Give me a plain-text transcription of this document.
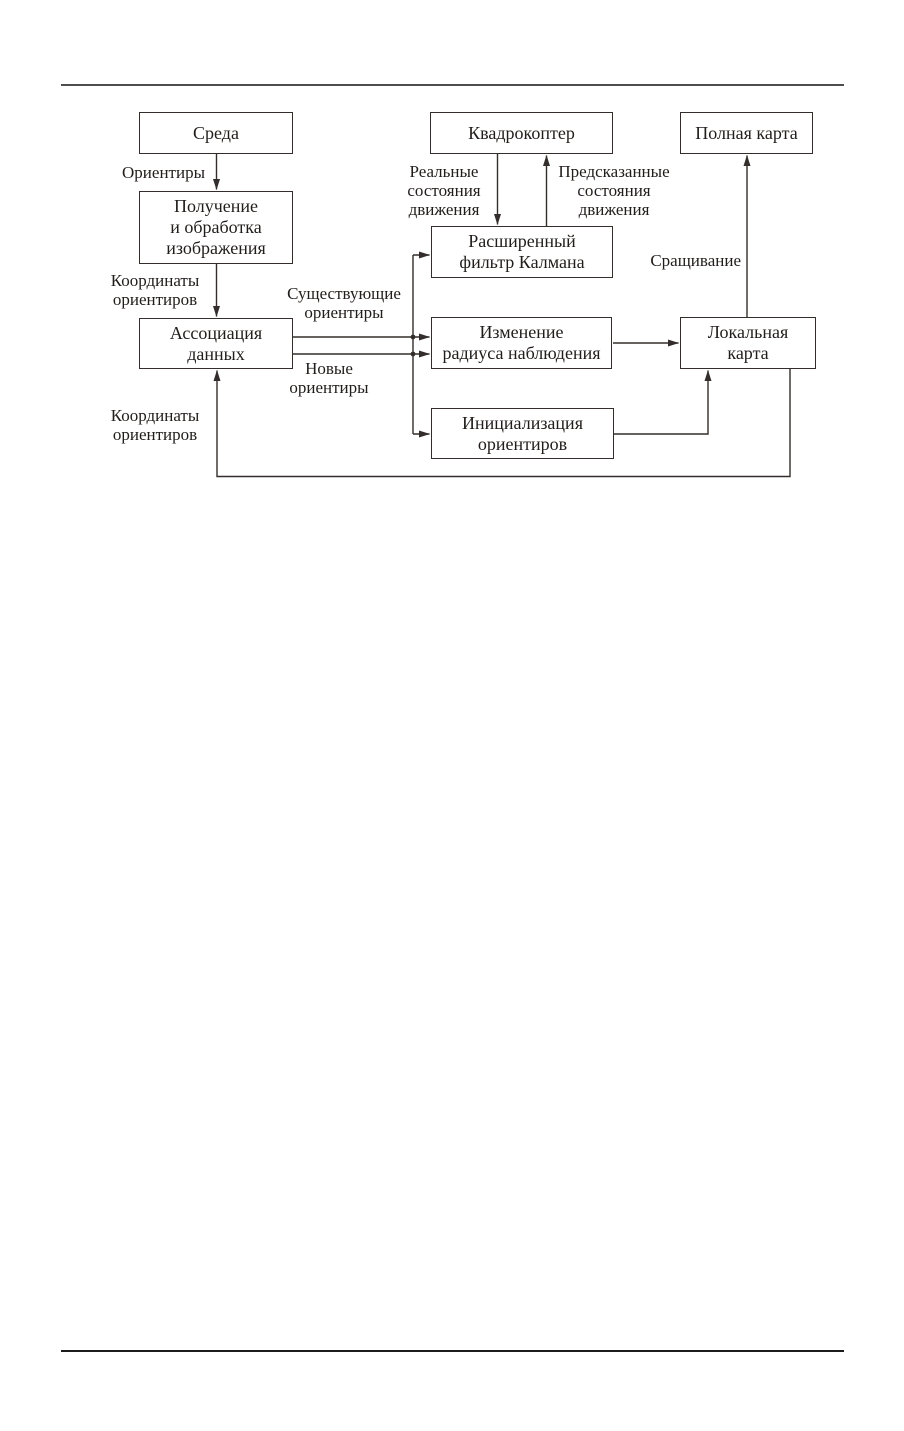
Среда	Квадрокоптер	Полная карта
Получение
и обработка
изображения	Расширенный
фильтр Калмана
Ассоциация
данных
Изменение
радиуса наблюдения
Локальная
карта
Инициализация
ориентиров
Ориентиры
Координаты
ориентиров	Существующие
ориентиры
Новые
ориентиры
Реальные
состояния
движения
Предсказанные
состояния
движения
Сращивание
Координаты
ориентиров
